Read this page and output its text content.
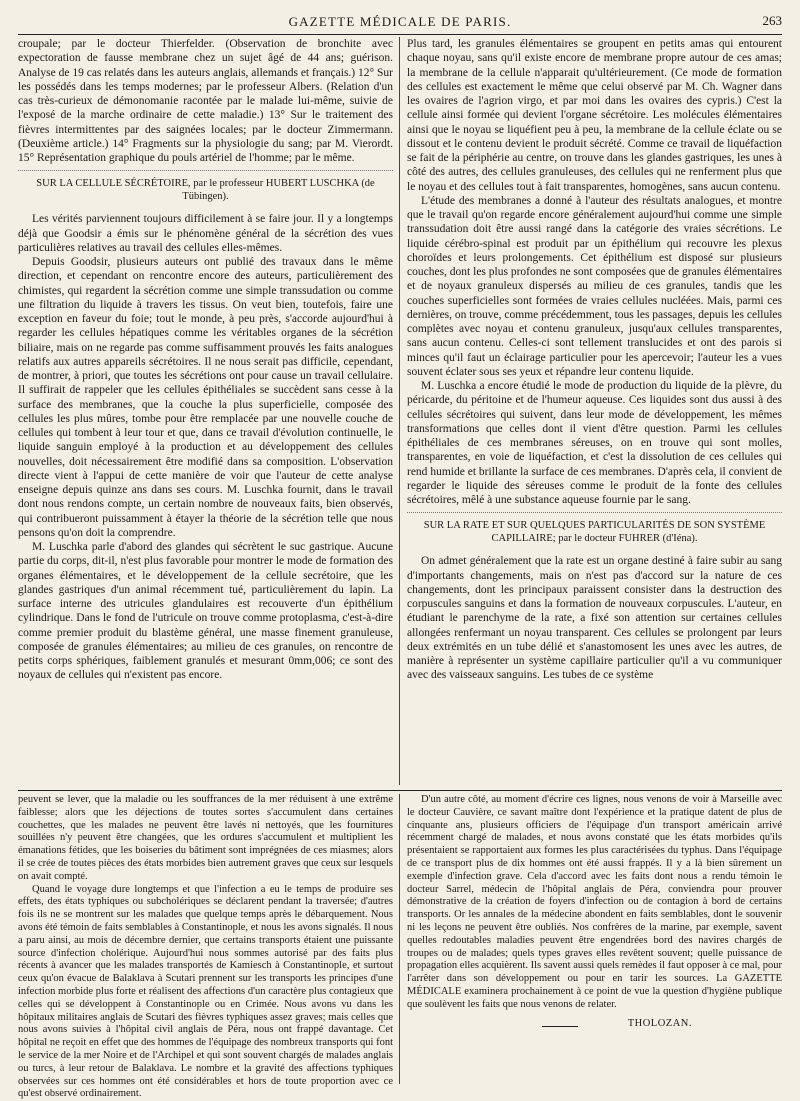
GAZETTE MÉDICALE DE PARIS.	263

croupale; par le docteur Thierfelder. (Observation de bronchite avec expectoration de fausse membrane chez un sujet âgé de 44 ans; guérison. Analyse de 19 cas relatés dans les auteurs anglais, allemands et français.) 12° Sur les possédés dans les temps modernes; par le professeur Albers. (Relation d'un cas très-curieux de démonomanie racontée par le malade lui-même, suivie de l'exposé de la marche ordinaire de cette maladie.) 13° Sur le traitement des fièvres intermittentes par des saignées locales; par le docteur Zimmermann. (Deuxième article.) 14° Fragments sur la physiologie du sang; par M. Vierordt. 15° Représentation graphique du pouls artériel de l'homme; par le même.

SUR LA CELLULE SÉCRÉTOIRE, par le professeur HUBERT LUSCHKA (de Tübingen).

Les vérités parviennent toujours difficilement à se faire jour. Il y a longtemps déjà que Goodsir a émis sur le phénomène général de la sécrétion des vues particulières relatives au travail des cellules elles-mêmes.

Depuis Goodsir, plusieurs auteurs ont publié des travaux dans le même direction, et cependant on rencontre encore des auteurs, particulièrement des chimistes, qui regardent la sécrétion comme une simple transsudation ou comme une filtration du liquide à travers les tissus. On veut bien, toutefois, faire une exception en faveur du foie; tout le monde, à peu près, s'accorde aujourd'hui à regarder les cellules hépatiques comme les véritables organes de la sécrétion biliaire, mais on ne regarde pas comme suffisamment prouvés les faits analogues relatifs aux autres appareils sécrétoires. Il ne nous serait pas difficile, cependant, de montrer, à priori, que toutes les sécrétions ont pour cause un travail cellulaire. Il suffirait de rappeler que les cellules épithéliales se succèdent sans cesse à la surface des membranes, que la couche la plus superficielle, composée des cellules les plus mûres, tombe pour être remplacée par une nouvelle couche de cellules qui tombent à leur tour et que, dans ce travail d'évolution continuelle, le liquide sanguin employé à la production et au développement des cellules nouvelles, doit nécessairement être modifié dans sa composition. L'observation directe vient à l'appui de cette manière de voir que l'auteur de cette analyse enseigne depuis quinze ans dans ses cours. M. Luschka fournit, dans le travail dont nous rendons compte, un certain nombre de nouveaux faits, bien observés, qui contribueront puissamment à étayer la théorie de la sécrétion telle que nous pensons qu'on doit la comprendre.

M. Luschka parle d'abord des glandes qui sécrètent le suc gastrique. Aucune partie du corps, dit-il, n'est plus favorable pour montrer le mode de formation des organes élémentaires, et le développement de la cellule secrétoire, que les glandes gastriques d'un animal récemment tué, particulièrement du lapin. La surface interne des utricules glandulaires est recouverte d'un épithélium cylindrique. Dans le fond de l'utricule on trouve comme protoplasma, c'est-à-dire comme premier produit du blastème général, une masse finement granuleuse, composée de granules élémentaires; au milieu de ces granules, on rencontre de petits corps sphériques, faiblement granulés et mesurant 0mm,006; ce sont des noyaux de cellules qui n'existent pas encore.

Plus tard, les granules élémentaires se groupent en petits amas qui entourent chaque noyau, sans qu'il existe encore de membrane propre autour de ces amas; la membrane de la cellule n'apparait qu'ultérieurement. (Ce mode de formation des cellules est exactement le même que celui observé par M. Ch. Wagner dans les ovaires de l'agrion virgo, et par moi dans les ovaires des cypris.) C'est la cellule ainsi formée qui devient l'organe sécrétoire. Les molécules élémentaires ainsi que le noyau se liquéfient peu à peu, la membrane de la cellule éclate ou se dissout et le contenu devient le produit sécrété. Comme ce travail de liquéfaction se fait de la périphérie au centre, on trouve dans les glandes gastriques, les unes à côté des autres, des cellules granuleuses, des cellules qui ne renferment plus que le noyau et des cellules tout à fait transparentes, homogènes, sans aucun contenu.

L'étude des membranes a donné à l'auteur des résultats analogues, et montre que le travail qu'on regarde encore généralement aujourd'hui comme une simple transsudation doit être aussi rangé dans la catégorie des vraies sécrétions. Le liquide cérébro-spinal est produit par un épithélium qui recouvre les plexus choroïdes et leurs prolongements. Cet épithélium est disposé sur plusieurs couches, dont les plus profondes ne sont composées que de granules élémentaires et de noyaux granuleux dispersés au milieu de ces granules, tandis que les couches superficielles sont formées de vraies cellules nucléées. Mais, parmi ces dernières, on trouve, comme précédemment, tous les passages, depuis les cellules complètes avec noyau et contenu granuleux, jusqu'aux cellules transparentes, sans aucun contenu. Celles-ci sont tellement translucides et ont des parois si minces qu'il faut un éclairage particulier pour les apercevoir; l'auteur les a vues souvent éclater sous ses yeux et répandre leur contenu liquide.

M. Luschka a encore étudié le mode de production du liquide de la plèvre, du péricarde, du péritoine et de l'humeur aqueuse. Ces liquides sont dus aussi à des cellules sécrétoires qui suivent, dans leur mode de développement, les mêmes transformations que celles dont il vient d'être question. Parmi les cellules épithéliales de ces membranes séreuses, on en trouve qui sont molles, transparentes, en voie de liquéfaction, et c'est la dissolution de ces cellules qui rend humide et brillante la surface de ces membranes. D'après cela, il convient de regarder le liquide des séreuses comme le produit de la fonte des cellules sécrétoires, mêlé à une substance aqueuse fournie par le sang.

SUR LA RATE ET SUR QUELQUES PARTICULARITÉS DE SON SYSTÈME CAPILLAIRE; par le docteur FUHRER (d'Iéna).

On admet généralement que la rate est un organe destiné à faire subir au sang d'importants changements, mais on n'est pas d'accord sur la nature de ces changements, dont les principaux paraissent consister dans la destruction des corpuscules sanguins et dans la formation de nouveaux corpuscules. L'auteur, en étudiant le parenchyme de la rate, a fixé son attention sur certaines cellules allongées renfermant un noyau transparent. Ces cellules se prolongent par leurs deux extrémités en un tube délié et s'anastomosent les unes avec les autres, de manière à représenter un système capillaire particulier qu'il a vu communiquer avec des vaisseaux sanguins. Les tubes de ce système

peuvent se lever, que la maladie ou les souffrances de la mer réduisent à une extrême faiblesse; alors que les déjections de toutes sortes s'accumulent dans certaines couchettes, que les malades ne peuvent être lavés ni nettoyés, que les fournitures souillées n'y peuvent être changées, que les ordures s'accumulent et multiplient les émanations fétides, que les boiseries du bâtiment sont imprégnées de ces miasmes; alors il se crée de toutes pièces des états morbides bien autrement graves que ceux sur lesquels on avait compté.

Quand le voyage dure longtemps et que l'infection a eu le temps de produire ses effets, des états typhiques ou subcholériques se déclarent pendant la traversée; d'autres fois ils ne se montrent sur les malades que quelque temps après le débarquement. Nous avons été témoin de faits semblables à Constantinople, et nous les avons signalés. Il nous a paru ainsi, au mois de décembre dernier, que certains transports étaient une puissante source d'infection cholérique. Aujourd'hui nous sommes autorisé par des faits plus récents à avancer que les malades transportés de Kamiesch à Constantinople, et surtout ceux qu'on évacue de Balaklava à Scutari prennent sur les transports les principes d'une infection morbide plus forte et réalisent des affections d'un caractère plus contagieux que celles qui se développent à Constantinople ou en Crimée. Nous avons vu dans les hôpitaux militaires anglais de Scutari des fièvres typhiques assez graves; mais celles que nous avons suivies à l'hôpital civil anglais de Péra, nous ont frappé davantage. Cet hôpital ne reçoit en effet que des hommes de l'équipage des nombreux transports qui font le service de la mer Noire et de l'Archipel et qui sont souvent chargés de malades anglais ou turcs, à leur retour de Balaklava. Le nombre et la gravité des affections typhiques observées sur ces hommes ont été considérables et hors de toute proportion avec ce qu'est observé ordinairement.

D'un autre côté, au moment d'écrire ces lignes, nous venons de voir à Marseille avec le docteur Cauvière, ce savant maître dont l'expérience et la pratique datent de plus de cinquante ans, plusieurs officiers de l'équipage d'un transport américain arrivé récemment chargé de malades, et nous avons constaté que les états morbides qu'ils présentaient se rapportaient aux formes les plus caractérisées du typhus. Dans l'équipage de ce transport plus de dix hommes ont été aussi frappés. Il y a là bien sûrement un exemple d'infection grave. Cela d'accord avec les faits dont nous a rendu témoin le docteur Sarrel, médecin de l'hôpital anglais de Péra, conviendra pour prouver démonstrative de la création de foyers d'infection ou de contagion à bord de certains transports. Or les annales de la médecine abondent en faits semblables, dont le souvenir ni les leçons ne peuvent être oubliés. Nos confrères de la marine, par exemple, savent quelles redoutables maladies peuvent être engendrées bord des navires chargés de troupes ou de malades; quels types graves elles revêtent souvent; quelle puissance de propagation elles acquièrent. Ils savent aussi quels remèdes il faut opposer à ce mal, pour l'arrêter dans son développement ou pour en tarir les sources. La GAZETTE MÉDICALE examinera prochainement à ce point de vue la question d'hygiène publique que soulèvent les faits que nous venons de relater.

THOLOZAN.
